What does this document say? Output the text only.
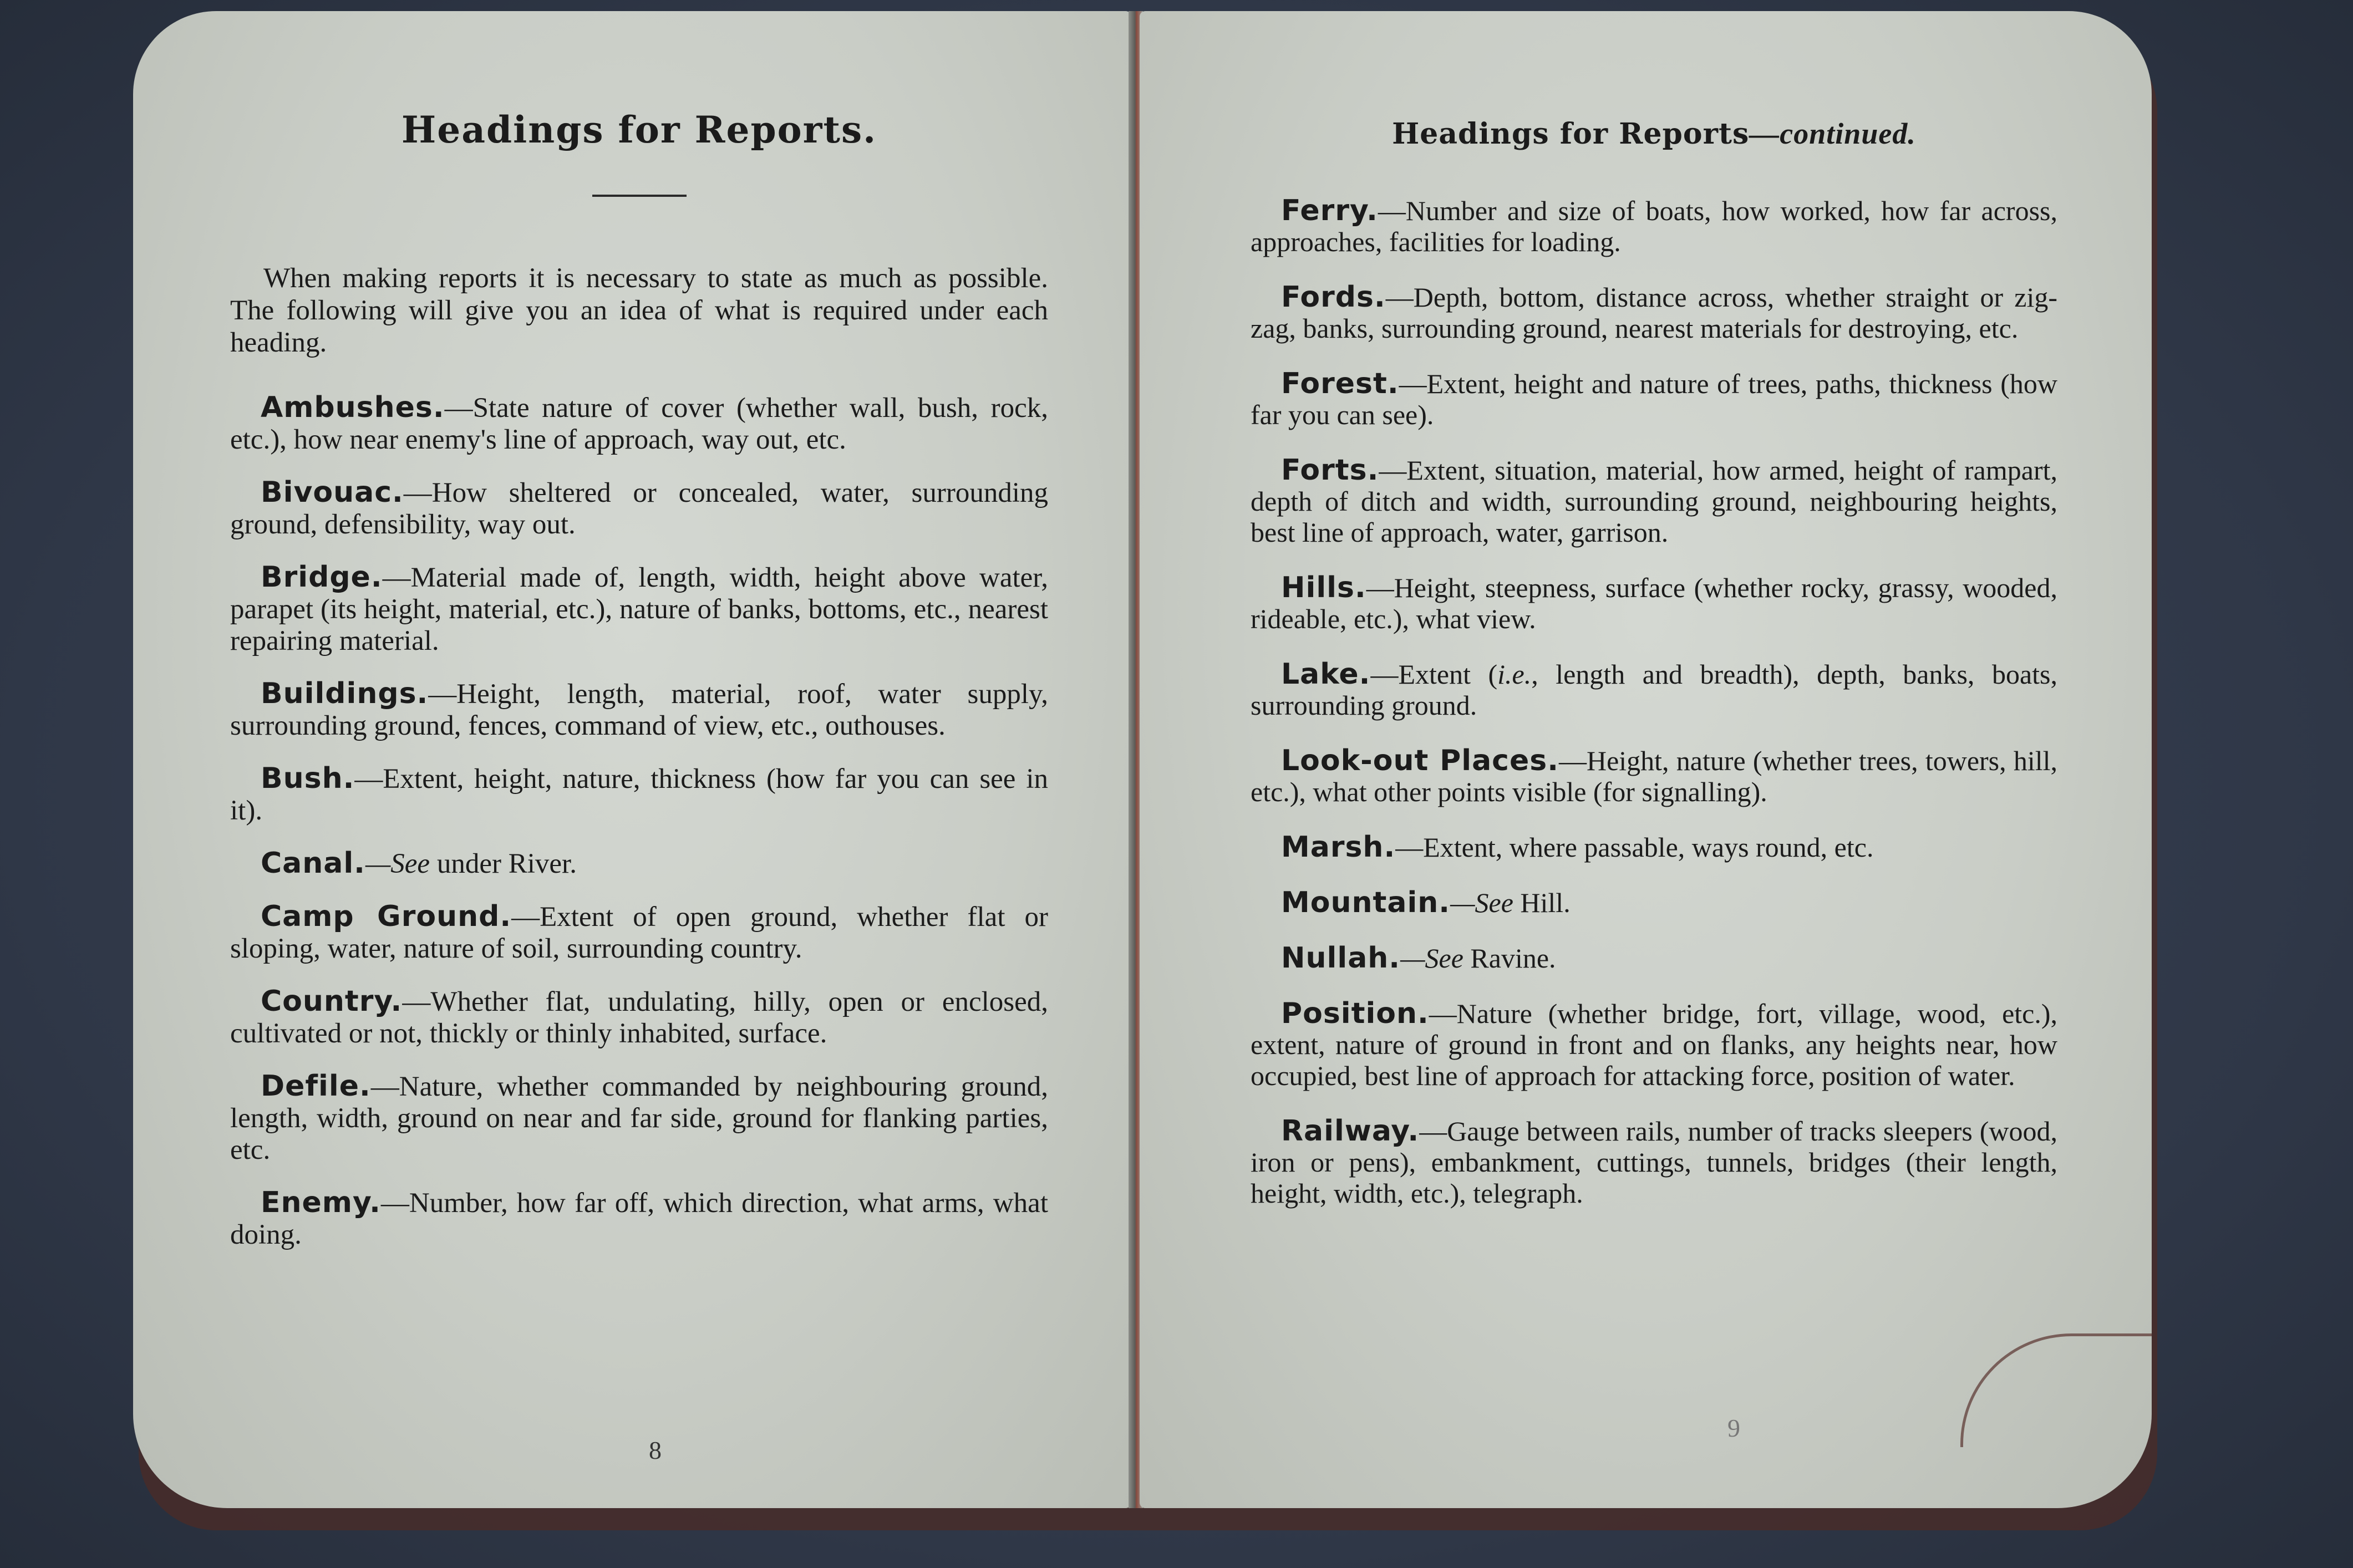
Headings for Reports.

When making reports it is necessary to state as much as possible. The following will give you an idea of what is required under each heading.

Ambushes.—State nature of cover (whether wall, bush, rock, etc.), how near enemy's line of approach, way out, etc.

Bivouac.—How sheltered or concealed, water, surrounding ground, defensibility, way out.

Bridge.—Material made of, length, width, height above water, parapet (its height, material, etc.), nature of banks, bottoms, etc., nearest repairing material.

Buildings.—Height, length, material, roof, water supply, surrounding ground, fences, command of view, etc., outhouses.

Bush.—Extent, height, nature, thickness (how far you can see in it).

Canal.—See under River.

Camp Ground.—Extent of open ground, whether flat or sloping, water, nature of soil, surrounding country.

Country.—Whether flat, undulating, hilly, open or enclosed, cultivated or not, thickly or thinly inhabited, surface.

Defile.—Nature, whether commanded by neighbouring ground, length, width, ground on near and far side, ground for flanking parties, etc.

Enemy.—Number, how far off, which direction, what arms, what doing.

8
Headings for Reports—continued.

Ferry.—Number and size of boats, how worked, how far across, approaches, facilities for loading.

Fords.—Depth, bottom, distance across, whether straight or zig-zag, banks, surrounding ground, nearest materials for destroying, etc.

Forest.—Extent, height and nature of trees, paths, thickness (how far you can see).

Forts.—Extent, situation, material, how armed, height of rampart, depth of ditch and width, surrounding ground, neighbouring heights, best line of approach, water, garrison.

Hills.—Height, steepness, surface (whether rocky, grassy, wooded, rideable, etc.), what view.

Lake.—Extent (i.e., length and breadth), depth, banks, boats, surrounding ground.

Look-out Places.—Height, nature (whether trees, towers, hill, etc.), what other points visible (for signalling).

Marsh.—Extent, where passable, ways round, etc.

Mountain.—See Hill.

Nullah.—See Ravine.

Position.—Nature (whether bridge, fort, village, wood, etc.), extent, nature of ground in front and on flanks, any heights near, how occupied, best line of approach for attacking force, position of water.

Railway.—Gauge between rails, number of tracks sleepers (wood, iron or pens), embankment, cuttings, tunnels, bridges (their length, height, width, etc.), telegraph.

9
